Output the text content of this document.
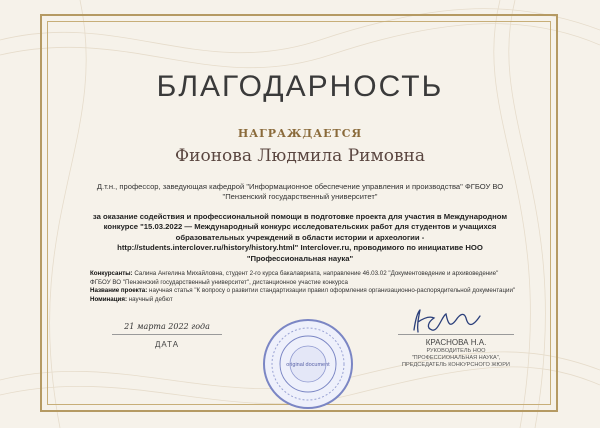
БЛАГОДАРНОСТЬ
НАГРАЖДАЕТСЯ
Фионова Людмила Римовна
Д.т.н., профессор, заведующая кафедрой "Информационное обеспечение управления и производства" ФГБОУ ВО "Пензенский государственный университет"
за оказание содействия и профессиональной помощи в подготовке проекта для участия в Международном конкурсе "15.03.2022 — Международный конкурс исследовательских работ для студентов и учащихся образовательных учреждений в области истории и археологии - http://students.interclover.ru/history/history.html" Interclover.ru, проводимого по инициативе НОО "Профессиональная наука"
Конкурсанты: Салина Ангелина Михайловна, студент 2-го курса бакалавриата, направление 46.03.02 "Документоведение и архивоведение" ФГБОУ ВО "Пензенский государственный университет", дистанционное участие конкурса
Название проекта: научная статья "К вопросу о развитии стандартизации правил оформления организационно-распорядительной документации"
Номинация: научный дебют
21 марта 2022 года
ДАТА
original document
КРАСНОВА Н.А.
РУКОВОДИТЕЛЬ НОО "ПРОФЕССИОНАЛЬНАЯ НАУКА", ПРЕДСЕДАТЕЛЬ КОНКУРСНОГО ЖЮРИ
